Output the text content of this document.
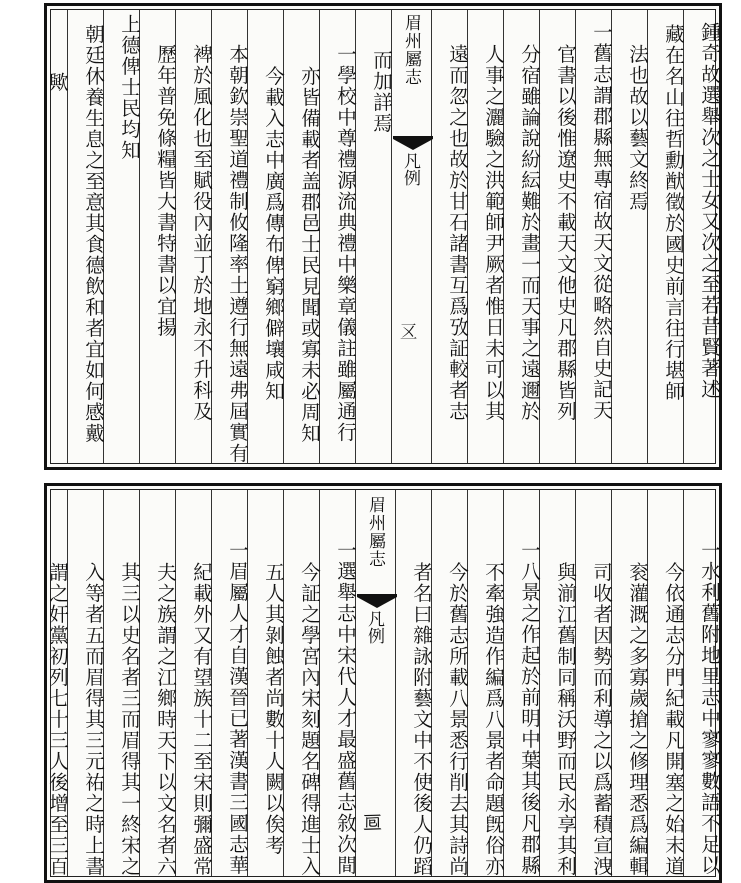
鍾奇故選舉次之士女又次之至若昔賢著述
藏在名山往哲勳猷徵於國史前言往行堪師
法也故以藝文終焉
一舊志謂郡縣無專宿故天文從略然自史記天
官書以後惟遼史不載天文他史凡郡縣皆列
分宿雖論說紛紜難於畫一而天事之遠邇於
人事之灑驗之洪範師尹厥者惟日未可以其
遠而忽之也故於甘石諸書互爲攷証較者志
眉州屬志
凡例
𠄡
而加詳焉
一學校中尊禮源流典禮中樂章儀註雖屬通行
亦皆備載者盖郡邑士民見聞或寡未必周知
今載入志中廣爲傳布俾窮鄉僻壤咸知
本朝欽崇聖道禮制攸隆率土遵行無遠弗屆實有
裨於風化也至賦役內並丁於地永不升科及
歷年普免條糧皆大書特書以宜揚
上德俾士民均知
朝廷休養生息之至意其食德飲和者宜如何感戴
歟
一水利舊附地里志中寥寥數語不足以
今依通志分門紀載凡開塞之始末道
衮灌溉之多寡歲搶之修理悉爲編輯
司收者因勢而利導之以爲蓄積宣洩
與湔江舊制同稱沃野而民永享其利
一八景之作起於前明中葉其後凡郡縣
不牽強造作編爲八景者命題旣俗亦
今於舊志所載八景悉行削去其詩尚
者名曰雜詠附藝文中不使後人仍蹈
眉州屬志
凡例
𠄢
一選舉志中宋代人才最盛舊志敘次間
今証之學宮內宋刻題名碑得進士入
五人其剝蝕者尚數十人闕以俟考
一眉屬人才自漢晉已著漢書三國志華
紀載外又有望族十二至宋則彌盛常
夫之族謂之江鄉時天下以文名者六
其三以史名者三而眉得其一終宋之
入等者五而眉得其三元祐之時上書
謂之奸黨初列七十三人後增至三百
